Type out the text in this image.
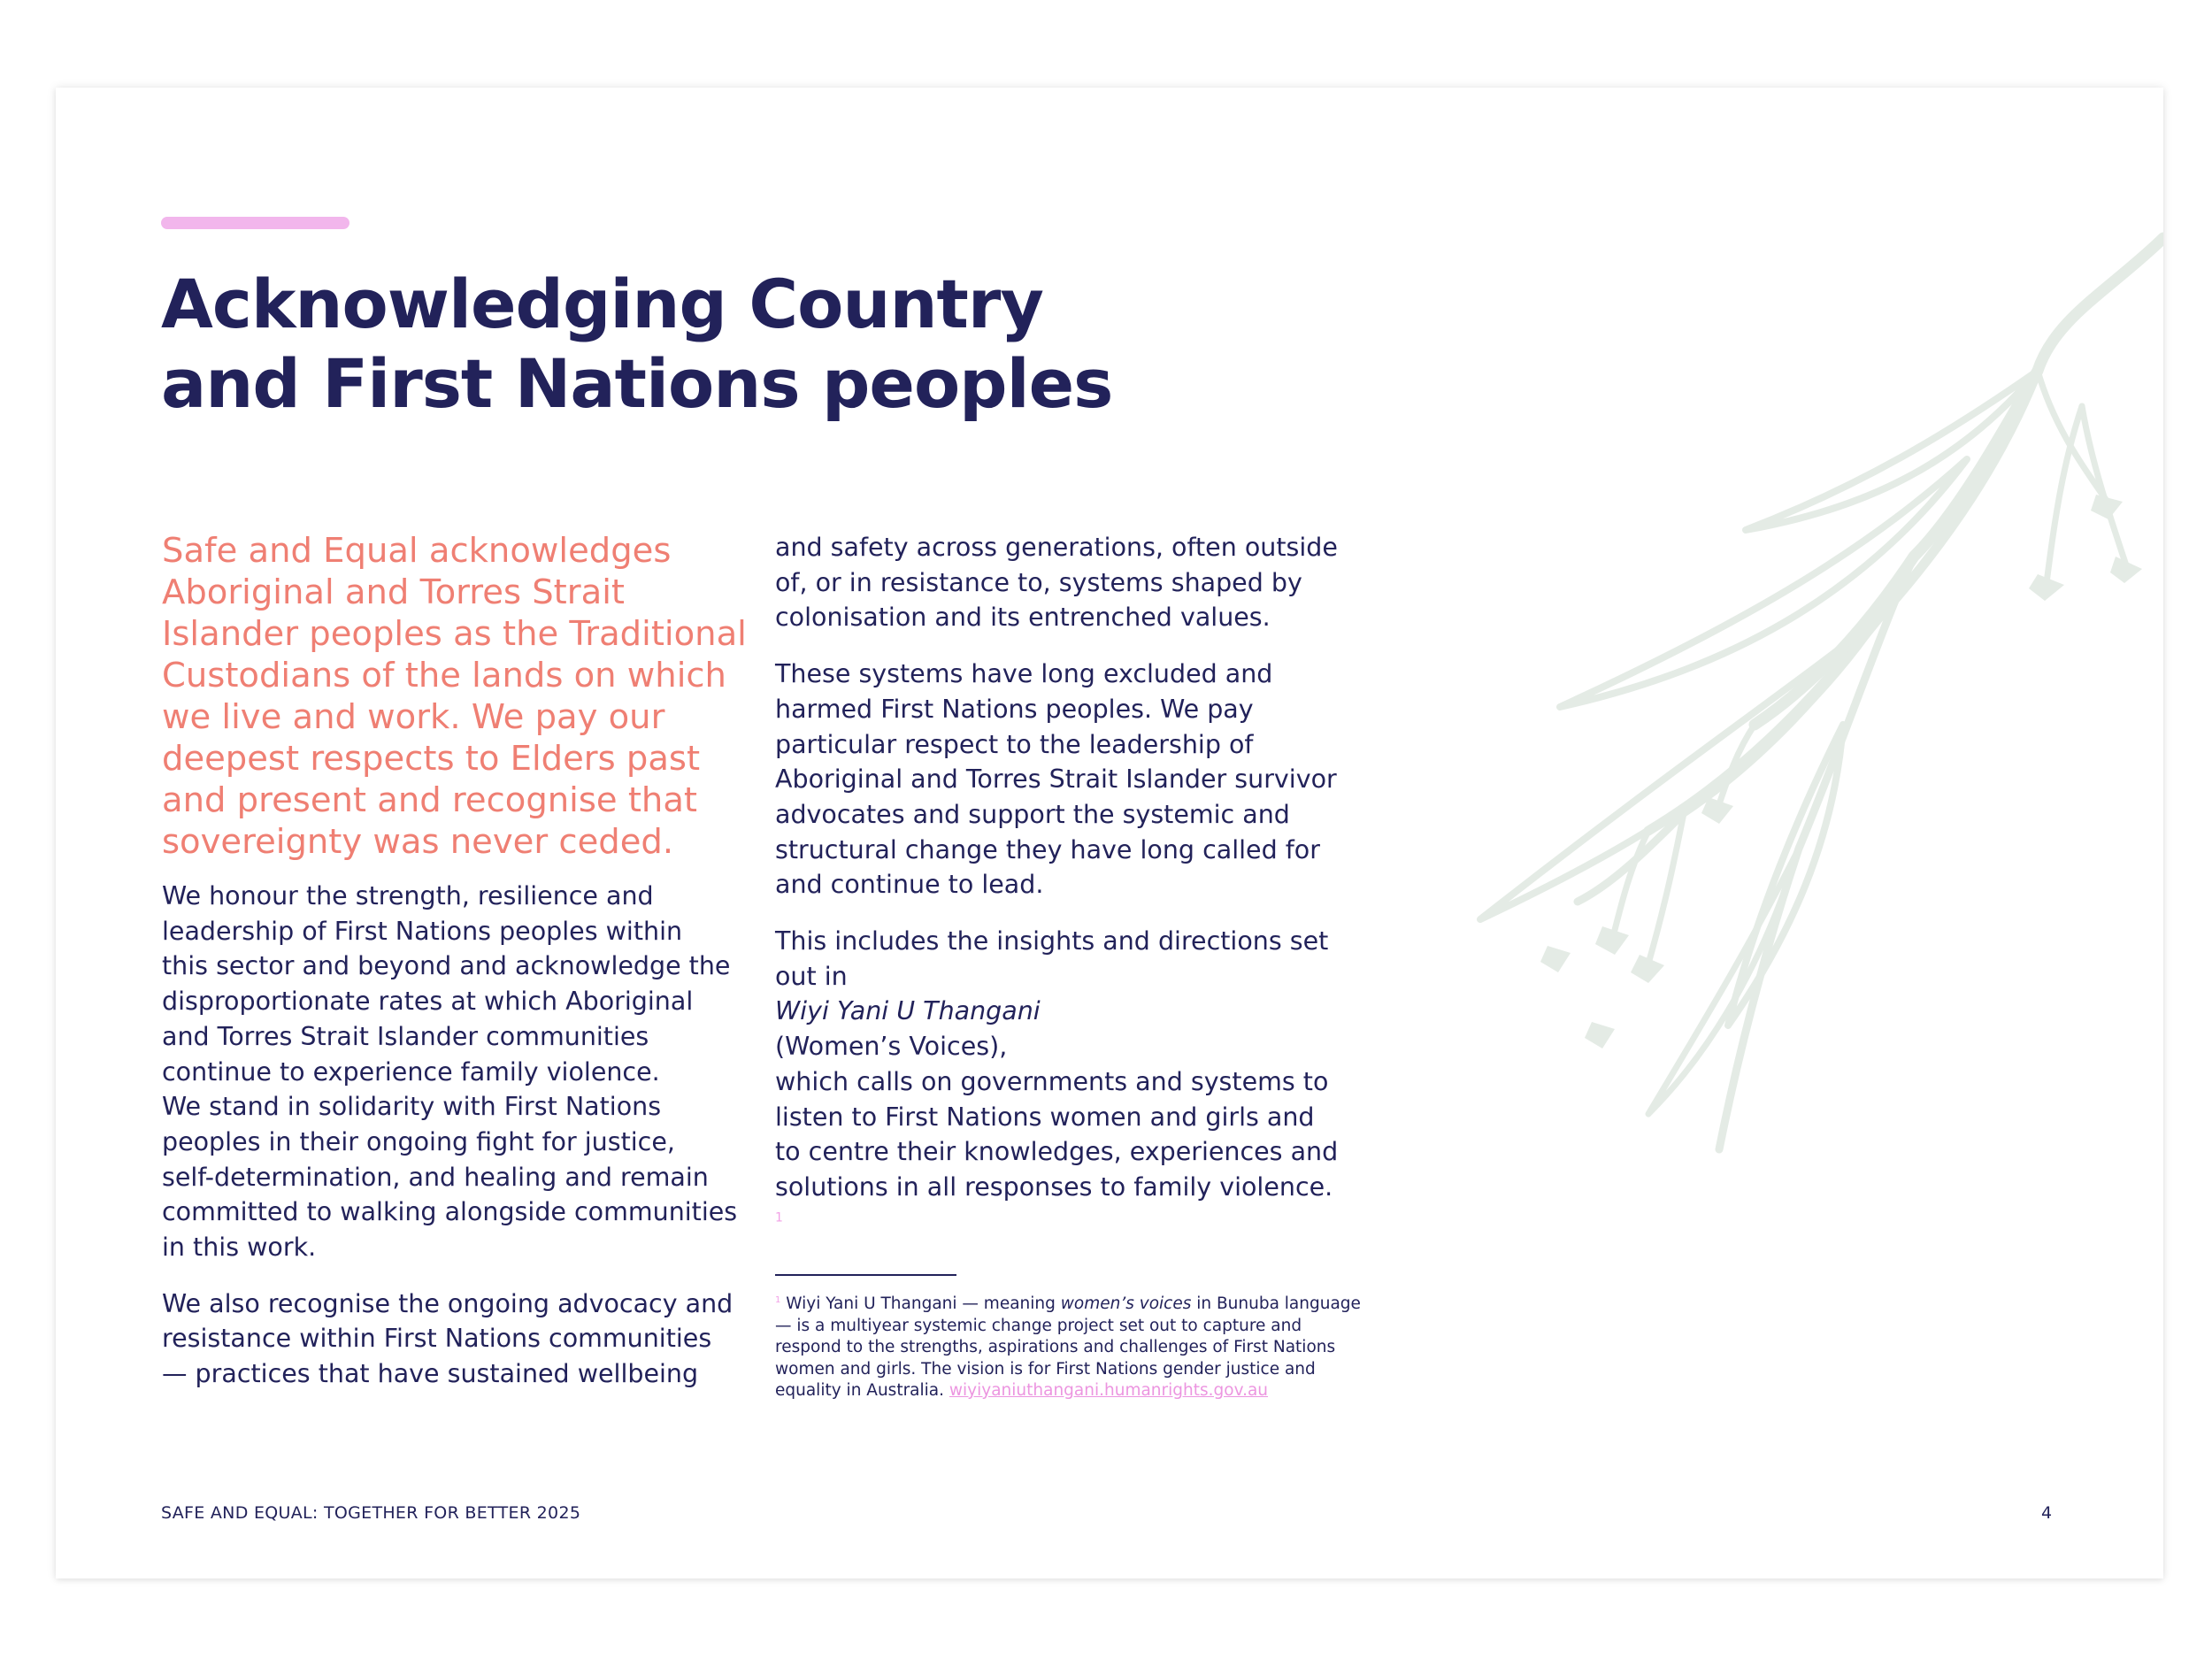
Acknowledging Country
and First Nations peoples

Safe and Equal acknowledges
Aboriginal and Torres Strait
Islander peoples as the Traditional
Custodians of the lands on which
we live and work. We pay our
deepest respects to Elders past
and present and recognise that
sovereignty was never ceded.

We honour the strength, resilience and
leadership of First Nations peoples within
this sector and beyond and acknowledge the
disproportionate rates at which Aboriginal
and Torres Strait Islander communities
continue to experience family violence.
We stand in solidarity with First Nations
peoples in their ongoing fight for justice,
self-determination, and healing and remain
committed to walking alongside communities
in this work.

We also recognise the ongoing advocacy and
resistance within First Nations communities
— practices that have sustained wellbeing

and safety across generations, often outside
of, or in resistance to, systems shaped by
colonisation and its entrenched values.

These systems have long excluded and
harmed First Nations peoples. We pay
particular respect to the leadership of
Aboriginal and Torres Strait Islander survivor
advocates and support the systemic and
structural change they have long called for
and continue to lead.

This includes the insights and directions set
out in
Wiyi Yani U Thangani
(Women’s Voices),
which calls on governments and systems to
listen to First Nations women and girls and
to centre their knowledges, experiences and
solutions in all responses to family violence.
$^1$

$^1$ Wiyi Yani U Thangani — meaning women’s voices in Bunuba language
— is a multiyear systemic change project set out to capture and
respond to the strengths, aspirations and challenges of First Nations
women and girls. The vision is for First Nations gender justice and
equality in Australia. wiyiyaniuthangani.humanrights.gov.au

SAFE AND EQUAL: TOGETHER FOR BETTER 2025	4
